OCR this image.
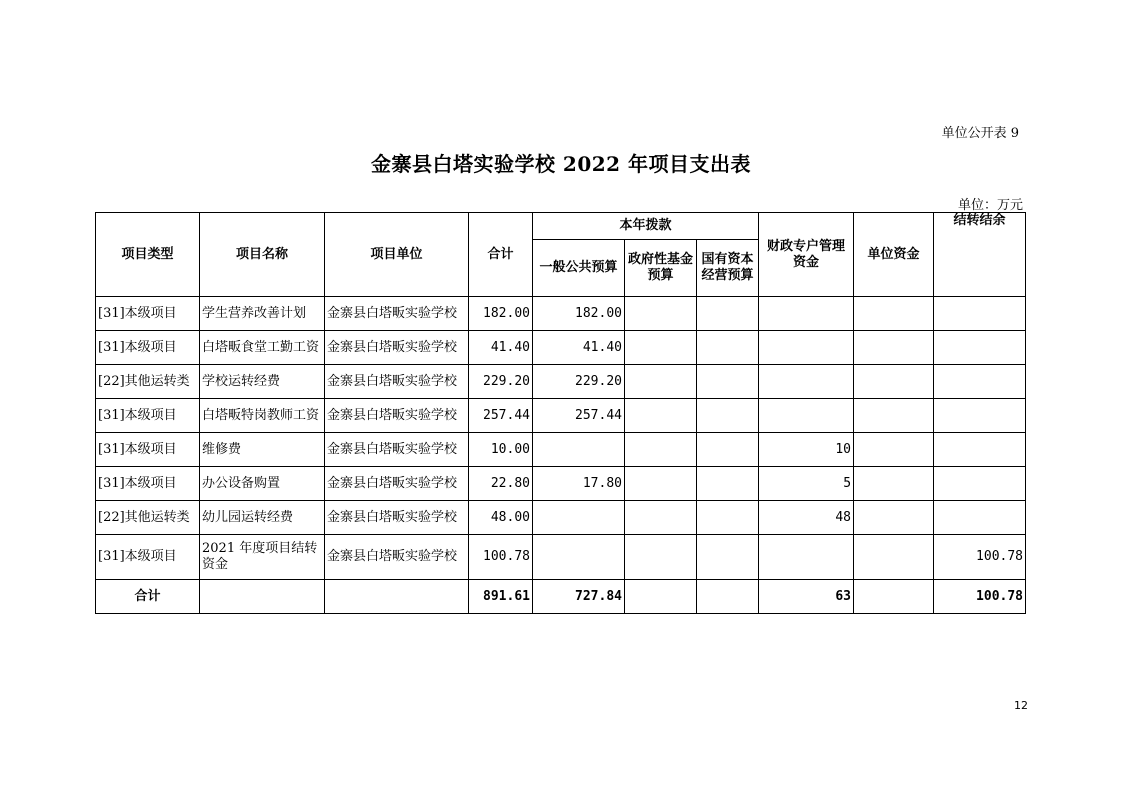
单位公开表 9
金寨县白塔实验学校 2022 年项目支出表
单位：万元
项目类型	项目名称	项目单位	合计	本年拨款			财政专户管理资金	单位资金	结转结余
				一般公共预算	政府性基金预算	国有资本经营预算			
[31]本级项目	学生营养改善计划	金寨县白塔畈实验学校	182.00	182.00					
[31]本级项目	白塔畈食堂工勤工资	金寨县白塔畈实验学校	41.40	41.40					
[22]其他运转类	学校运转经费	金寨县白塔畈实验学校	229.20	229.20					
[31]本级项目	白塔畈特岗教师工资	金寨县白塔畈实验学校	257.44	257.44					
[31]本级项目	维修费	金寨县白塔畈实验学校	10.00				10		
[31]本级项目	办公设备购置	金寨县白塔畈实验学校	22.80	17.80			5		
[22]其他运转类	幼儿园运转经费	金寨县白塔畈实验学校	48.00				48		
[31]本级项目	2021 年度项目结转资金	金寨县白塔畈实验学校	100.78						100.78
合计			891.61	727.84			63		100.78
12
